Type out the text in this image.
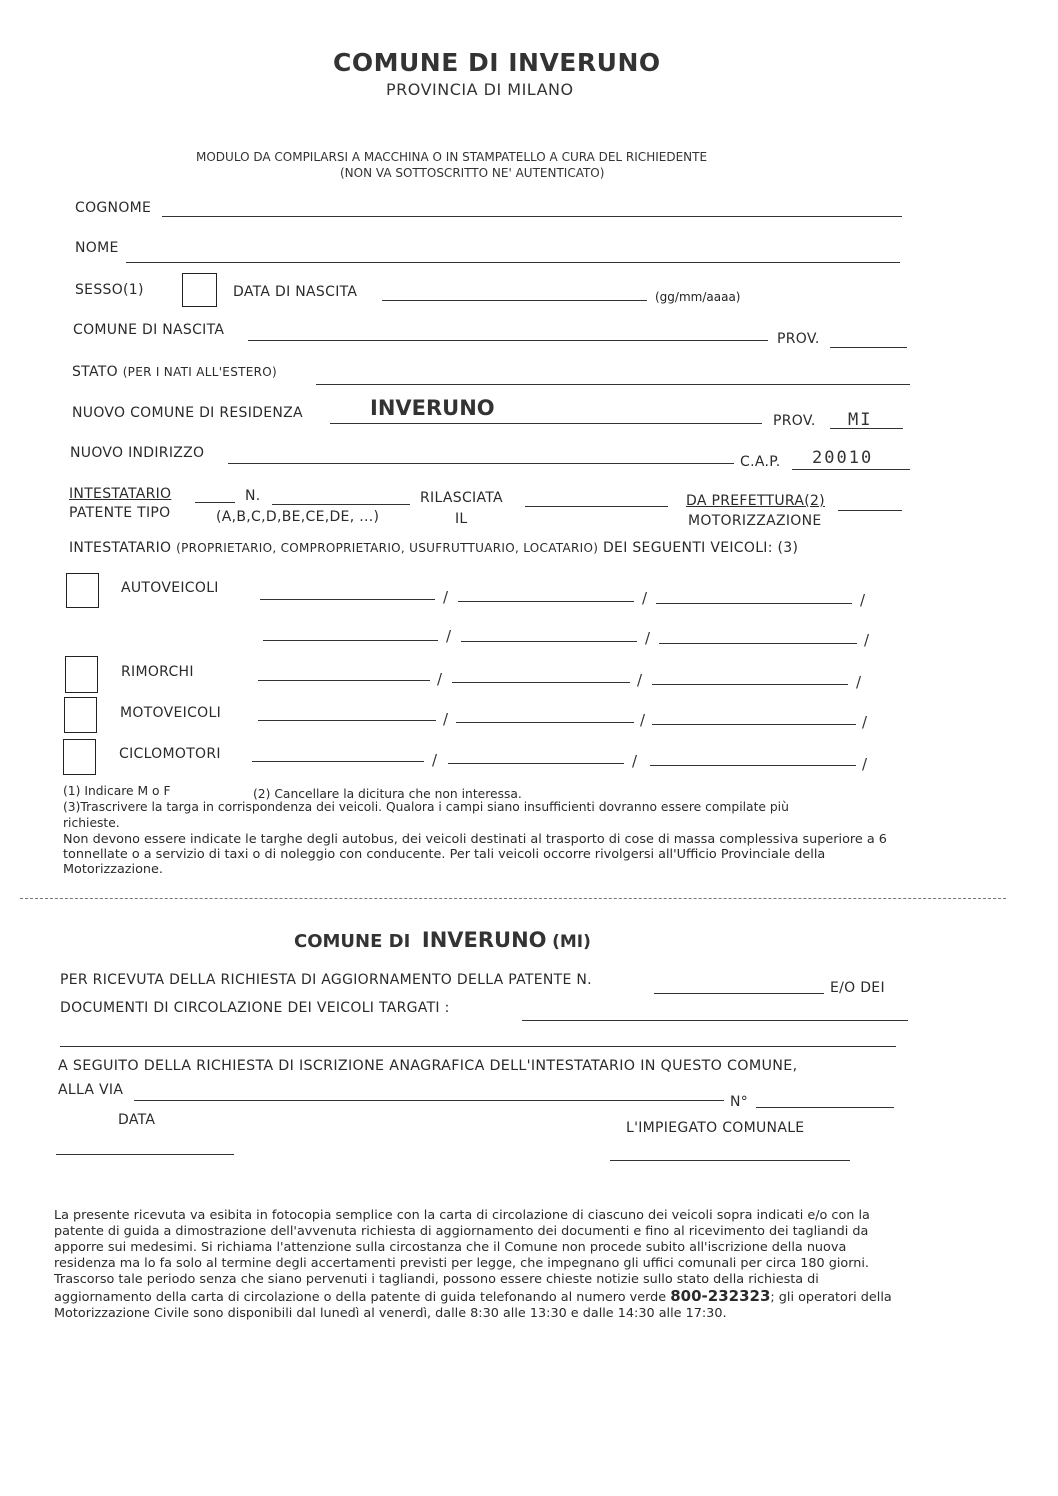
COMUNE DI INVERUNO
PROVINCIA DI MILANO
MODULO DA COMPILARSI A MACCHINA O IN STAMPATELLO A CURA DEL RICHIEDENTE
(NON VA SOTTOSCRITTO NE' AUTENTICATO)
COGNOME
NOME
SESSO(1)	DATA DI NASCITA	(gg/mm/aaaa)
COMUNE DI NASCITA
PROV.
STATO (PER I NATI ALL'ESTERO)
NUOVO COMUNE DI RESIDENZA	INVERUNO
PROV. MI
NUOVO INDIRIZZO
C.A.P. 20010
INTESTATARIO
PATENTE TIPO	(A,B,C,D,BE,CE,DE, ...)
N.	RILASCIATA
IL
DA PREFETTURA(2)
MOTORIZZAZIONE
INTESTATARIO (PROPRIETARIO, COMPROPRIETARIO, USUFRUTTUARIO, LOCATARIO) DEI SEGUENTI VEICOLI: (3)
AUTOVEICOLI	/	/	/
/	/	/
RIMORCHI	/	/	/
MOTOVEICOLI	/	/	/
CICLOMOTORI	/	/	/
(1) Indicare M o F	(2) Cancellare la dicitura che non interessa.
(3)Trascrivere la targa in corrispondenza dei veicoli. Qualora i campi siano insufficienti dovranno essere compilate più
richieste.
Non devono essere indicate le targhe degli autobus, dei veicoli destinati al trasporto di cose di massa complessiva superiore a 6 tonnellate o a servizio di taxi o di noleggio con conducente. Per tali veicoli occorre rivolgersi all'Ufficio Provinciale della Motorizzazione.
COMUNE DI INVERUNO (MI)
PER RICEVUTA DELLA RICHIESTA DI AGGIORNAMENTO DELLA PATENTE N.	E/O DEI
DOCUMENTI DI CIRCOLAZIONE DEI VEICOLI TARGATI :
A SEGUITO DELLA RICHIESTA DI ISCRIZIONE ANAGRAFICA DELL'INTESTATARIO IN QUESTO COMUNE,
ALLA VIA
N°
DATA	L'IMPIEGATO COMUNALE
La presente ricevuta va esibita in fotocopia semplice con la carta di circolazione di ciascuno dei veicoli sopra indicati e/o con la patente di guida a dimostrazione dell'avvenuta richiesta di aggiornamento dei documenti e fino al ricevimento dei tagliandi da apporre sui medesimi. Si richiama l'attenzione sulla circostanza che il Comune non procede subito all'iscrizione della nuova residenza ma lo fa solo al termine degli accertamenti previsti per legge, che impegnano gli uffici comunali per circa 180 giorni. Trascorso tale periodo senza che siano pervenuti i tagliandi, possono essere chieste notizie sullo stato della richiesta di aggiornamento della carta di circolazione o della patente di guida telefonando al numero verde 800-232323; gli operatori della Motorizzazione Civile sono disponibili dal lunedì al venerdì, dalle 8:30 alle 13:30 e dalle 14:30 alle 17:30.
